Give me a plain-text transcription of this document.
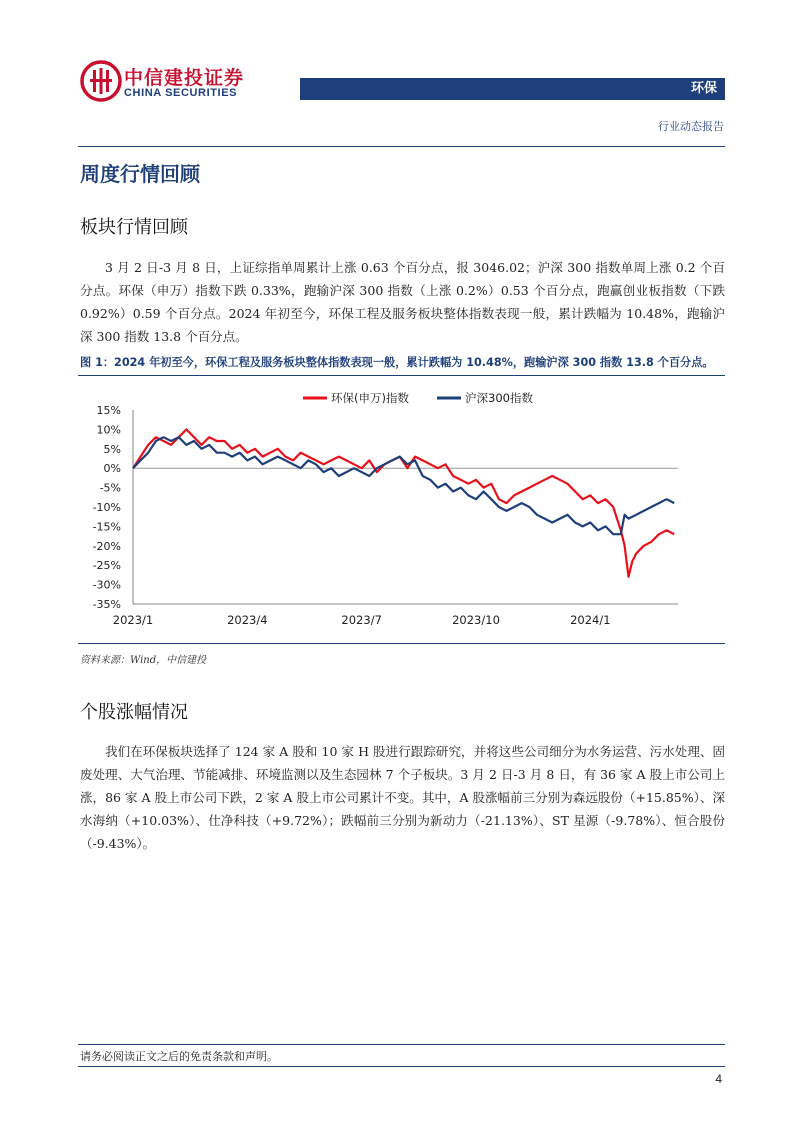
中信建投证券
CHINA SECURITIES	环保
行业动态报告
周度行情回顾
板块行情回顾

3 月 2 日-3 月 8 日，上证综指单周累计上涨 0.63 个百分点，报 3046.02；沪深 300 指数单周上涨 0.2 个百分点。环保（申万）指数下跌 0.33%，跑输沪深 300 指数（上涨 0.2%）0.53 个百分点，跑赢创业板指数（下跌 0.92%）0.59 个百分点。2024 年初至今，环保工程及服务板块整体指数表现一般，累计跌幅为 10.48%，跑输沪深 300 指数 13.8 个百分点。

图 1：2024 年初至今，环保工程及服务板块整体指数表现一般，累计跌幅为 10.48%，跑输沪深 300 指数 13.8 个百分点。
15%
10%
5%
0%
-5%
-10%
-15%
-20%
-25%
-30%
-35%
2023/1	2023/4	2023/7	2023/10	2024/1
环保(申万)指数	沪深300指数
资料来源：Wind，中信建投
个股涨幅情况

我们在环保板块选择了 124 家 A 股和 10 家 H 股进行跟踪研究，并将这些公司细分为水务运营、污水处理、固废处理、大气治理、节能减排、环境监测以及生态园林 7 个子板块。3 月 2 日-3 月 8 日，有 36 家 A 股上市公司上涨，86 家 A 股上市公司下跌，2 家 A 股上市公司累计不变。其中，A 股涨幅前三分别为森远股份（+15.85%）、深水海纳（+10.03%）、仕净科技（+9.72%）；跌幅前三分别为新动力（-21.13%）、ST 星源（-9.78%）、恒合股份（-9.43%）。

请务必阅读正文之后的免责条款和声明。
4
